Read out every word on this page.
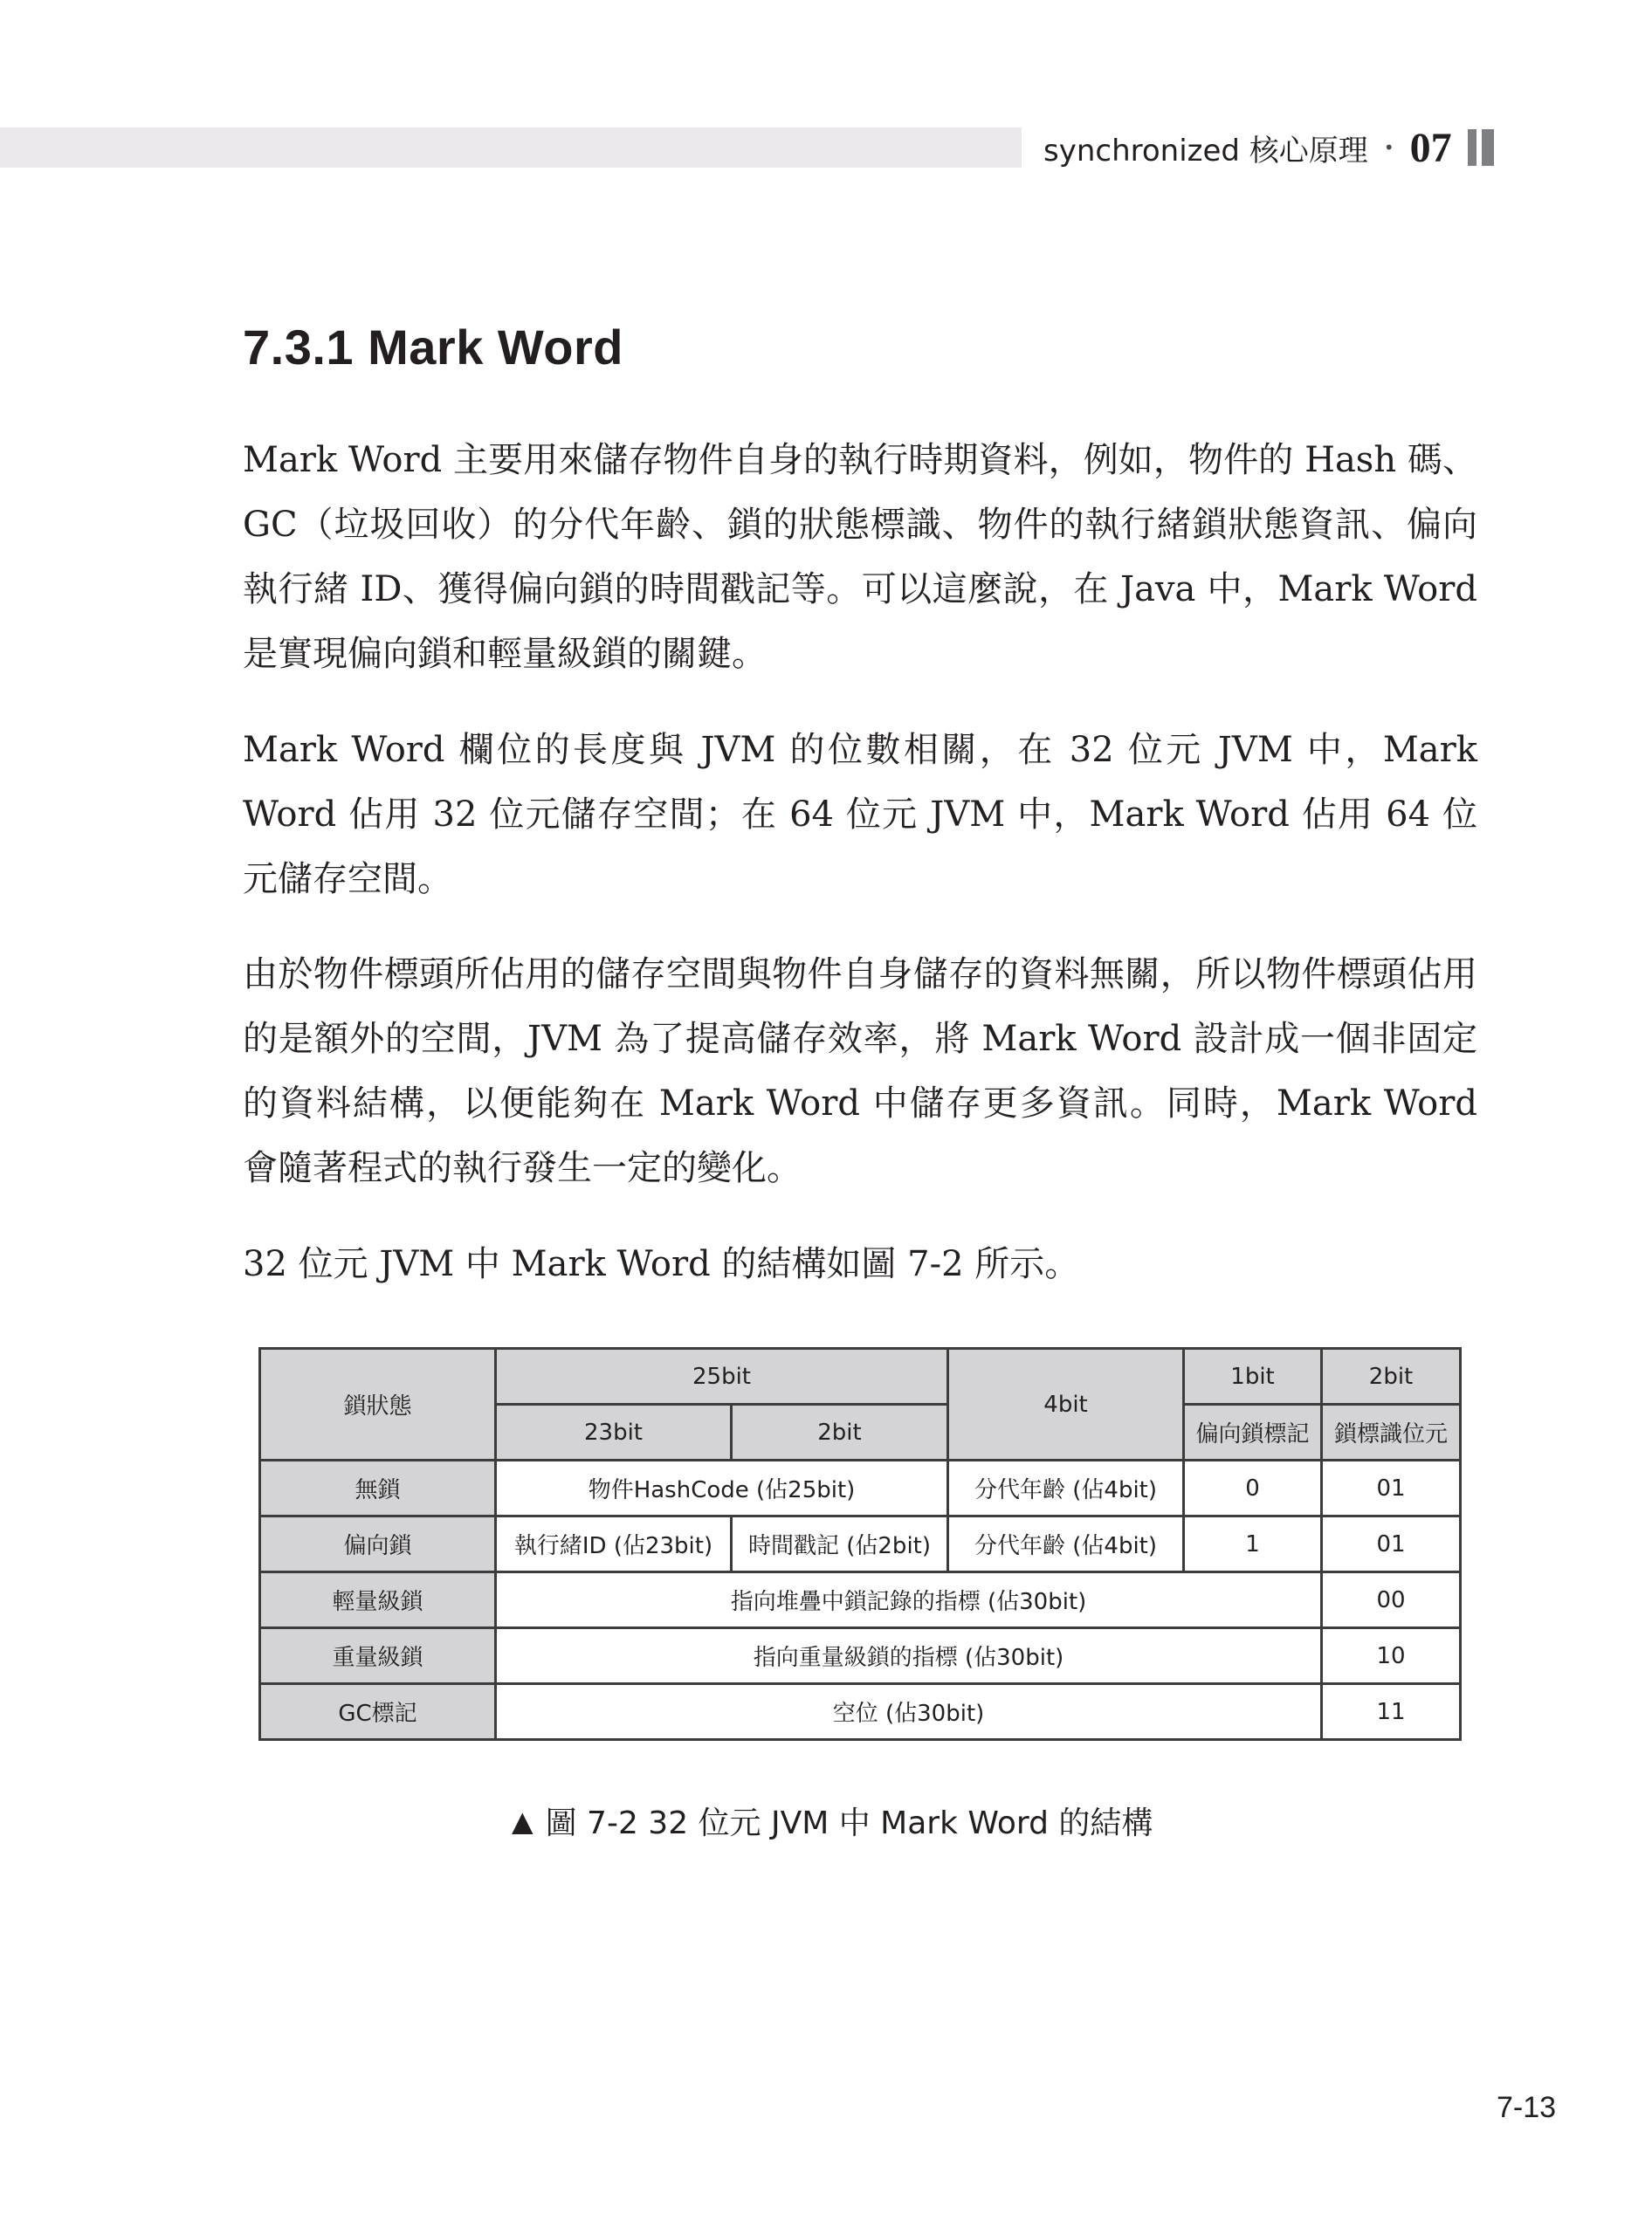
synchronized 核心原理 • 07
7.3.1 Mark Word

Mark Word 主要用來儲存物件自身的執行時期資料，例如，物件的 Hash 碼、GC（垃圾回收）的分代年齡、鎖的狀態標識、物件的執行緒鎖狀態資訊、偏向執行緒 ID、獲得偏向鎖的時間戳記等。可以這麼說，在 Java 中，Mark Word 是實現偏向鎖和輕量級鎖的關鍵。

Mark Word 欄位的長度與 JVM 的位數相關，在 32 位元 JVM 中，Mark Word 佔用 32 位元儲存空間；在 64 位元 JVM 中，Mark Word 佔用 64 位元儲存空間。

由於物件標頭所佔用的儲存空間與物件自身儲存的資料無關，所以物件標頭佔用的是額外的空間，JVM 為了提高儲存效率，將 Mark Word 設計成一個非固定的資料結構，以便能夠在 Mark Word 中儲存更多資訊。同時，Mark Word 會隨著程式的執行發生一定的變化。

32 位元 JVM 中 Mark Word 的結構如圖 7-2 所示。

鎖狀態	25bit		4bit	1bit	2bit
	23bit	2bit		偏向鎖標記	鎖標識位元
無鎖	物件HashCode (佔25bit)		分代年齡 (佔4bit)	0	01
偏向鎖	執行緒ID (佔23bit)	時間戳記 (佔2bit)	分代年齡 (佔4bit)	1	01
輕量級鎖	指向堆疊中鎖記錄的指標 (佔30bit)				00
重量級鎖	指向重量級鎖的指標 (佔30bit)				10
GC標記	空位 (佔30bit)				11
▲ 圖 7-2 32 位元 JVM 中 Mark Word 的結構
7-13
